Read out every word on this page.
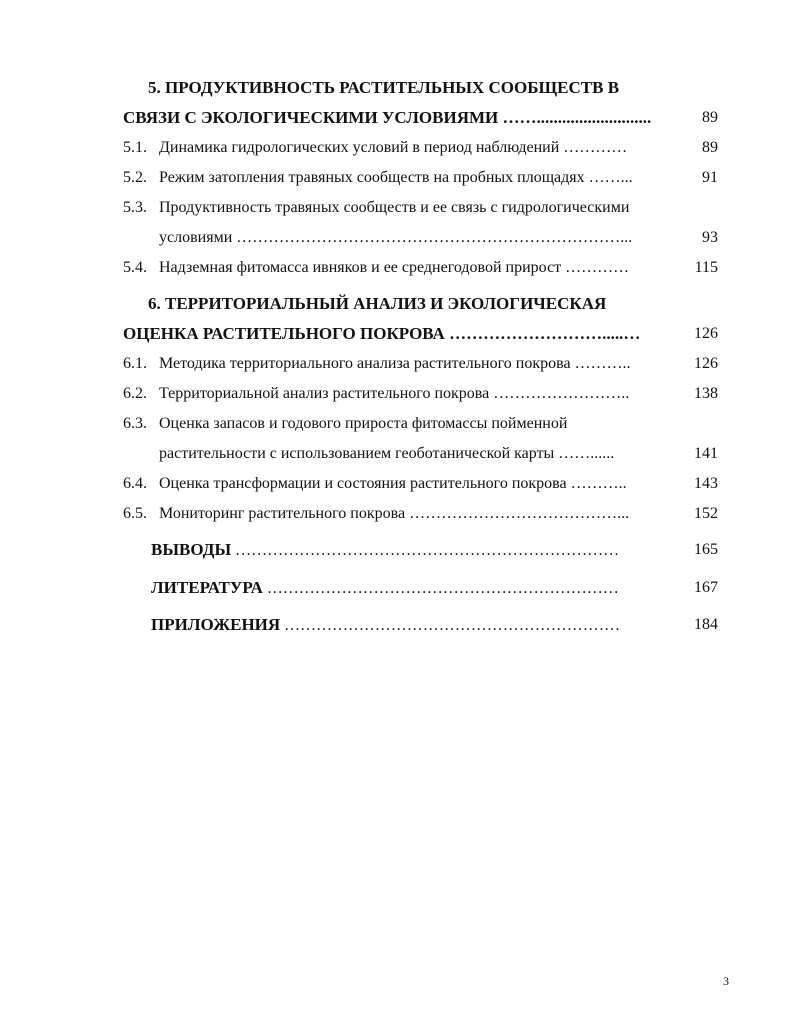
5. ПРОДУКТИВНОСТЬ РАСТИТЕЛЬНЫХ СООБЩЕСТВ В
СВЯЗИ С ЭКОЛОГИЧЕСКИМИ УСЛОВИЯМИ ……...........................	89
5.1. Динамика гидрологических условий в период наблюдений …………	89
5.2. Режим затопления травяных сообществ на пробных площадях ……...	91
5.3. Продуктивность травяных сообществ и ее связь с гидрологическими
условиями ………………………………………………………………...	93
5.4. Надземная фитомасса ивняков и ее среднегодовой прирост …………	115
6. ТЕРРИТОРИАЛЬНЫЙ АНАЛИЗ И ЭКОЛОГИЧЕСКАЯ
ОЦЕНКА РАСТИТЕЛЬНОГО ПОКРОВА ……………………….....…	126
6.1. Методика территориального анализа растительного покрова ………..	126
6.2. Территориальной анализ растительного покрова ……………………..	138
6.3. Оценка запасов и годового прироста фитомассы пойменной
растительности с использованием геоботанической карты ……......	141
6.4. Оценка трансформации и состояния растительного покрова ………..	143
6.5. Мониторинг растительного покрова …………………………………...	152
ВЫВОДЫ ………………………………………………………………	165
ЛИТЕРАТУРА …………………………………………………………	167
ПРИЛОЖЕНИЯ ………………………………………………………	184
3
